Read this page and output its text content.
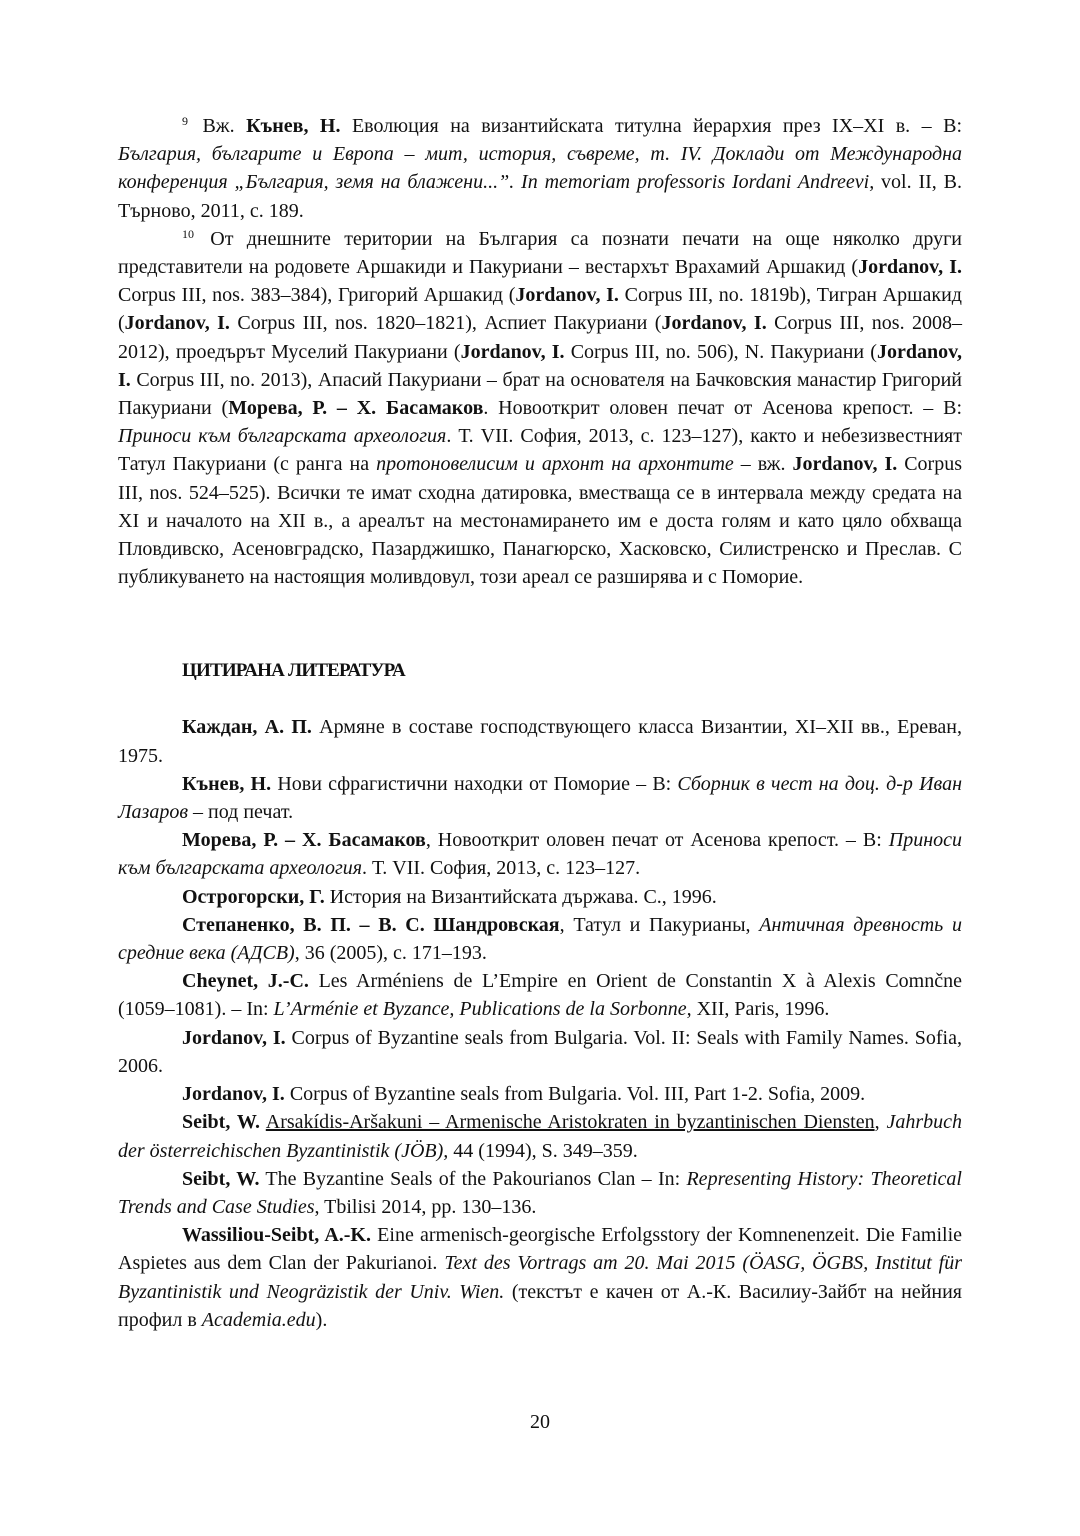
$^9$ Вж. Кънев, Н. Еволюция на византийската титулна йерархия през IX–XI в. – В: България, българите и Европа – мит, история, съвреме, т. IV. Доклади от Международна конференция „България, земя на блажени...”. In memoriam professoris Iordani Andreevi, vol. II, В. Търново, 2011, с. 189.

$^{10}$ От днешните територии на България са познати печати на още няколко други представители на родовете Аршакиди и Пакуриани – вестархът Врахамий Аршакид (Jordanov, I. Corpus III, nos. 383–384), Григорий Аршакид (Jordanov, I. Corpus III, no. 1819b), Тигран Аршакид (Jordanov, I. Corpus III, nos. 1820–1821), Аспиет Пакуриани (Jordanov, I. Corpus III, nos. 2008–2012), проедърът Муселий Пакуриани (Jordanov, I. Corpus III, no. 506), N. Пакуриани (Jordanov, I. Corpus III, no. 2013), Апасий Пакуриани – брат на основателя на Бачковския манастир Григорий Пакуриани (Морева, Р. – Х. Басамаков. Новооткрит оловен печат от Асенова крепост. – В: Приноси към българската археология. Т. VII. София, 2013, с. 123–127), както и небезизвестният Татул Пакуриани (с ранга на протоновелисим и архонт на архонтите – вж. Jordanov, I. Corpus III, nos. 524–525). Всички те имат сходна датировка, вместваща се в интервала между средата на XI и началото на XII в., а ареалът на местонамирането им е доста голям и като цяло обхваща Пловдивско, Асеновградско, Пазарджишко, Панагюрско, Хасковско, Силистренско и Преслав. С публикуването на настоящия моливдовул, този ареал се разширява и с Поморие.

ЦИТИРАНА ЛИТЕРАТУРА

Каждан, А. П. Армяне в составе господствующего класса Византии, XI–XII вв., Ереван, 1975.

Кънев, Н. Нови сфрагистични находки от Поморие – В: Сборник в чест на доц. д-р Иван Лазаров – под печат.

Морева, Р. – Х. Басамаков, Новооткрит оловен печат от Асенова крепост. – В: Приноси към българската археология. Т. VII. София, 2013, с. 123–127.

Острогорски, Г. История на Византийската държава. С., 1996.

Степаненко, В. П. – В. С. Шандровская, Татул и Пакурианы, Античная древность и средние века (АДСВ), 36 (2005), с. 171–193.

Cheynet, J.-C. Les Arméniens de L’Empire en Orient de Constantin X à Alexis Comnčne (1059–1081). – In: L’Arménie et Byzance, Publications de la Sorbonne, XII, Paris, 1996.

Jordanov, I. Corpus of Byzantine seals from Bulgaria. Vol. II: Seals with Family Names. Sofia, 2006.

Jordanov, I. Corpus of Byzantine seals from Bulgaria. Vol. III, Part 1-2. Sofia, 2009.

Seibt, W. Arsakídis-Aršakuni – Armenische Aristokraten in byzantinischen Diensten, Jahrbuch der österreichischen Byzantinistik (JÖB), 44 (1994), S. 349–359.

Seibt, W. The Byzantine Seals of the Pakourianos Clan – In: Representing History: Theoretical Trends and Case Studies, Tbilisi 2014, pp. 130–136.

Wassiliou-Seibt, A.-K. Eine armenisch-georgische Erfolgsstory der Komnenenzeit. Die Familie Aspietes aus dem Clan der Pakurianoi. Text des Vortrags am 20. Mai 2015 (ÖASG, ÖGBS, Institut für Byzantinistik und Neogräzistik der Univ. Wien. (текстът е качен от А.-К. Василиу-Зайбт на нейния профил в Academia.edu).

20
